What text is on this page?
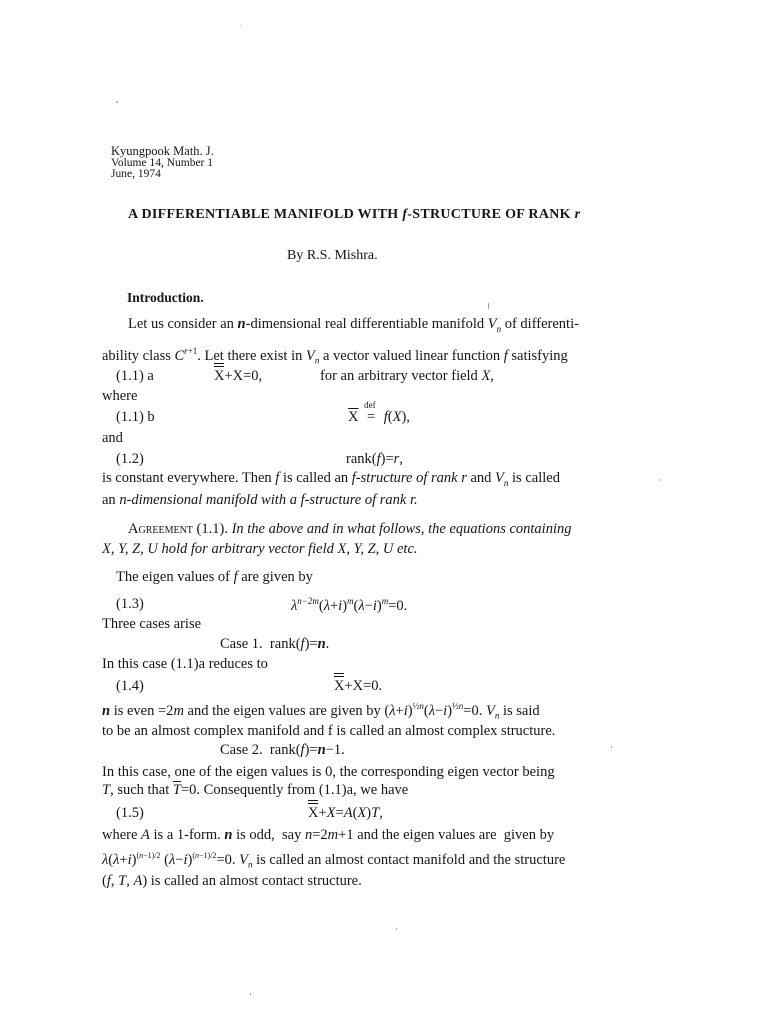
Kyungpook Math. J.
Volume 14, Number 1
June, 1974
A DIFFERENTIABLE MANIFOLD WITH f-STRUCTURE OF RANK r
By R.S. Mishra.
Introduction.
Let us consider an n-dimensional real differentiable manifold $V_n$ of differenti-
ability class $C^{r+1}$. Let there exist in $V_n$ a vector valued linear function f satisfying
(1.1) a	X+X=0,	for an arbitrary vector field X,
where
(1.1) b	$\overline{X}$
def
= f(X),
and
(1.2)	rank(f)=r,
is constant everywhere. Then f is called an f-structure of rank r and $V_n$ is called
an n-dimensional manifold with a f-structure of rank r.
Agreement (1.1). In the above and in what follows, the equations containing
X, Y, Z, U hold for arbitrary vector field X, Y, Z, U etc.
The eigen values of f are given by
(1.3)	$\lambda^{n-2m}(\lambda+i)^m(\lambda-i)^m=0$.
Three cases arise
Case 1.  rank(f)=n.
In this case (1.1)a reduces to
(1.4)	X+X=0.
n is even =2m and the eigen values are given by $(\lambda+i)^{\frac{1}{2}n}(\lambda-i)^{\frac{1}{2}n}=0$. $V_n$ is said
to be an almost complex manifold and f is called an almost complex structure.
Case 2.  rank(f)=n−1.
In this case, one of the eigen values is 0, the corresponding eigen vector being
T, such that $\overline{T}=0$. Consequently from (1.1)a, we have
(1.5)	X+X=A(X)T,
where A is a 1-form. n is odd,  say n=2m+1 and the eigen values are  given by
$\lambda(\lambda+i)^{(n-1)/2}$ $(\lambda-i)^{(n-1)/2}=0$. $V_n$ is called an almost contact manifold and the structure
(f, T, A) is called an almost contact structure.
